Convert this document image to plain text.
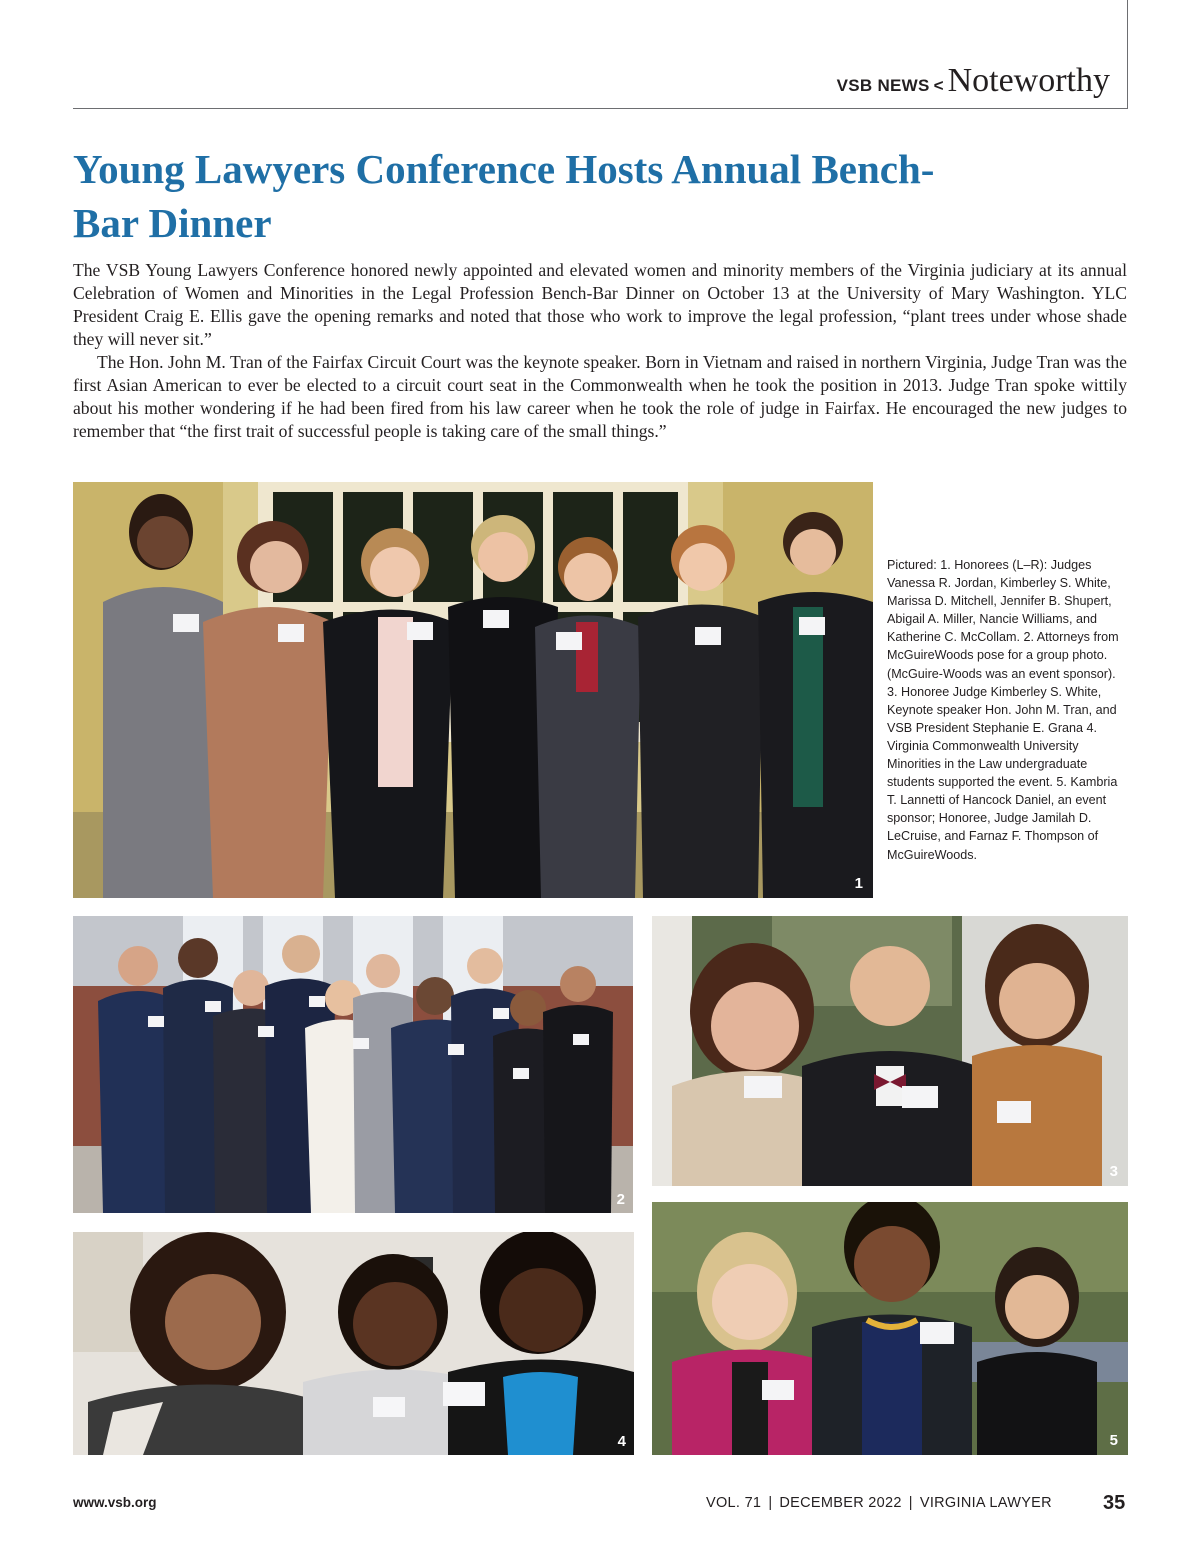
VSB NEWS < Noteworthy
Young Lawyers Conference Hosts Annual Bench-Bar Dinner

The VSB Young Lawyers Conference honored newly appointed and elevated women and minority members of the Virginia judiciary at its annual Celebration of Women and Minorities in the Legal Profession Bench-Bar Dinner on October 13 at the University of Mary Washington. YLC President Craig E. Ellis gave the opening remarks and noted that those who work to improve the legal profession, “plant trees under whose shade they will never sit.”

The Hon. John M. Tran of the Fairfax Circuit Court was the keynote speaker. Born in Vietnam and raised in northern Virginia, Judge Tran was the first Asian American to ever be elected to a circuit court seat in the Commonwealth when he took the position in 2013. Judge Tran spoke wittily about his mother wondering if he had been fired from his law career when he took the role of judge in Fairfax. He encouraged the new judges to remember that “the first trait of successful people is taking care of the small things.”

1

Pictured: 1. Honorees (L–R): Judges Vanessa R. Jordan, Kimberley S. White, Marissa D. Mitchell, Jennifer B. Shupert, Abigail A. Miller, Nancie Williams, and Katherine C. McCollam. 2. Attorneys from McGuireWoods pose for a group photo. (McGuire-Woods was an event sponsor). 3. Honoree Judge Kimberley S. White, Keynote speaker Hon. John M. Tran, and VSB President Stephanie E. Grana 4. Virginia Commonwealth University Minorities in the Law undergraduate students supported the event. 5. Kambria T. Lannetti of Hancock Daniel, an event sponsor; Honoree, Judge Jamilah D. LeCruise, and Farnaz F. Thompson of McGuireWoods.

2
3
4	5
www.vsb.org	VOL. 71 | DECEMBER 2022 | VIRGINIA LAWYER	35
